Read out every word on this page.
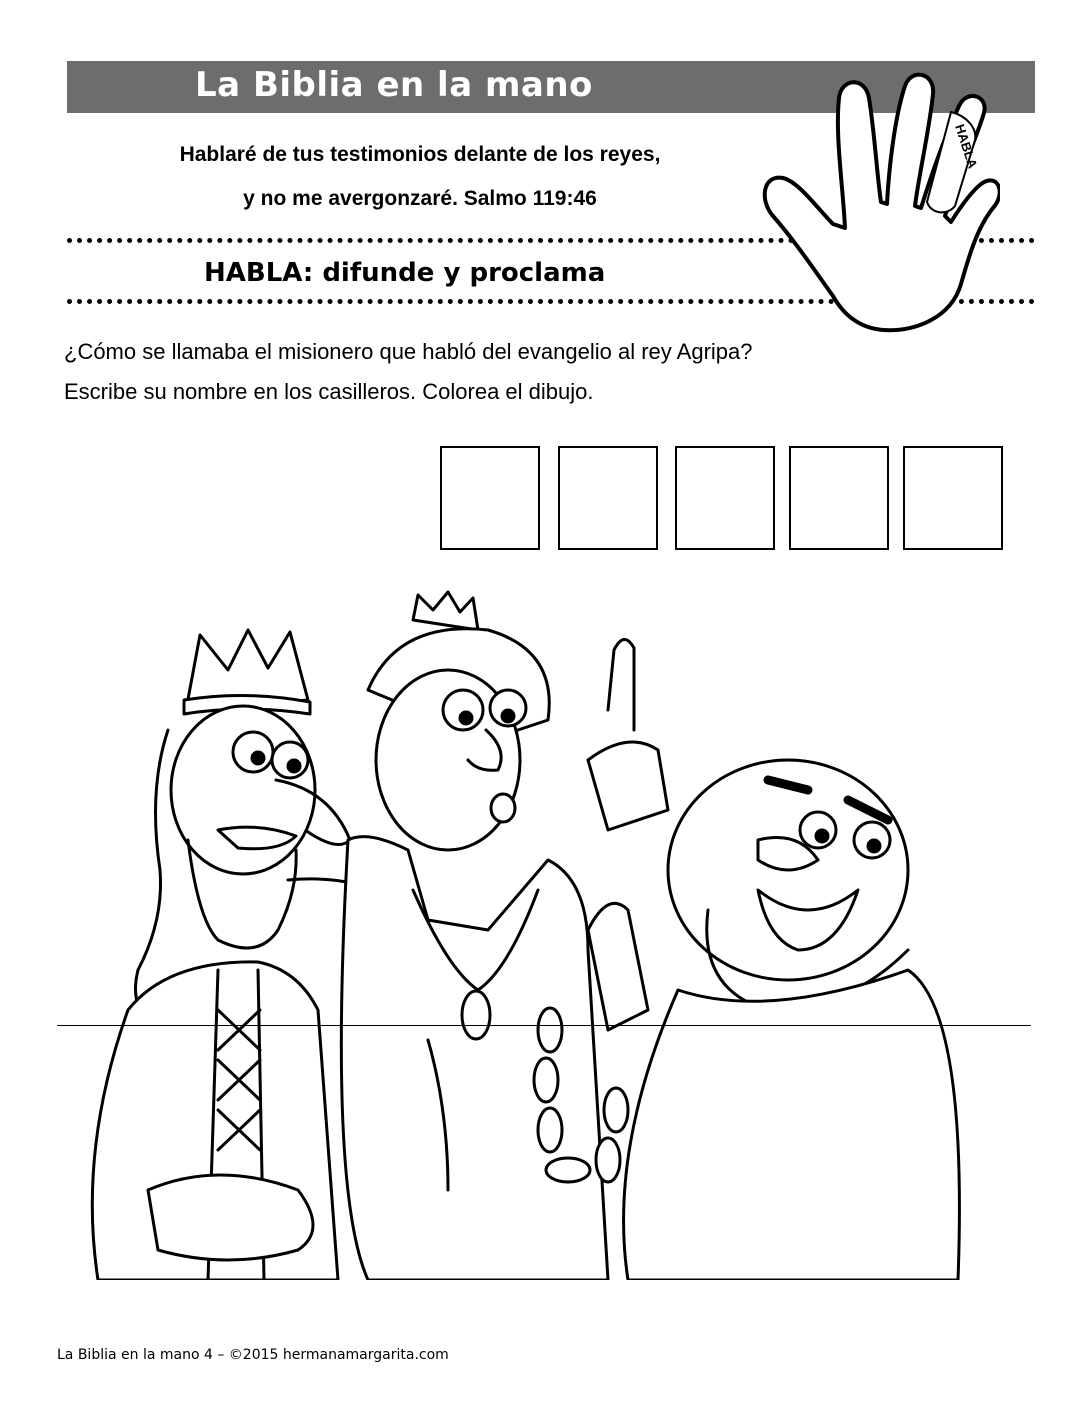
La Biblia en la mano
Hablaré de tus testimonios delante de los reyes,
y no me avergonzaré. Salmo 119:46
HABLA: difunde y proclama
HABLA
¿Cómo se llamaba el misionero que habló del evangelio al rey Agripa?
Escribe su nombre en los casilleros. Colorea el dibujo.
La Biblia en la mano 4 – ©2015 hermanamargarita.com
